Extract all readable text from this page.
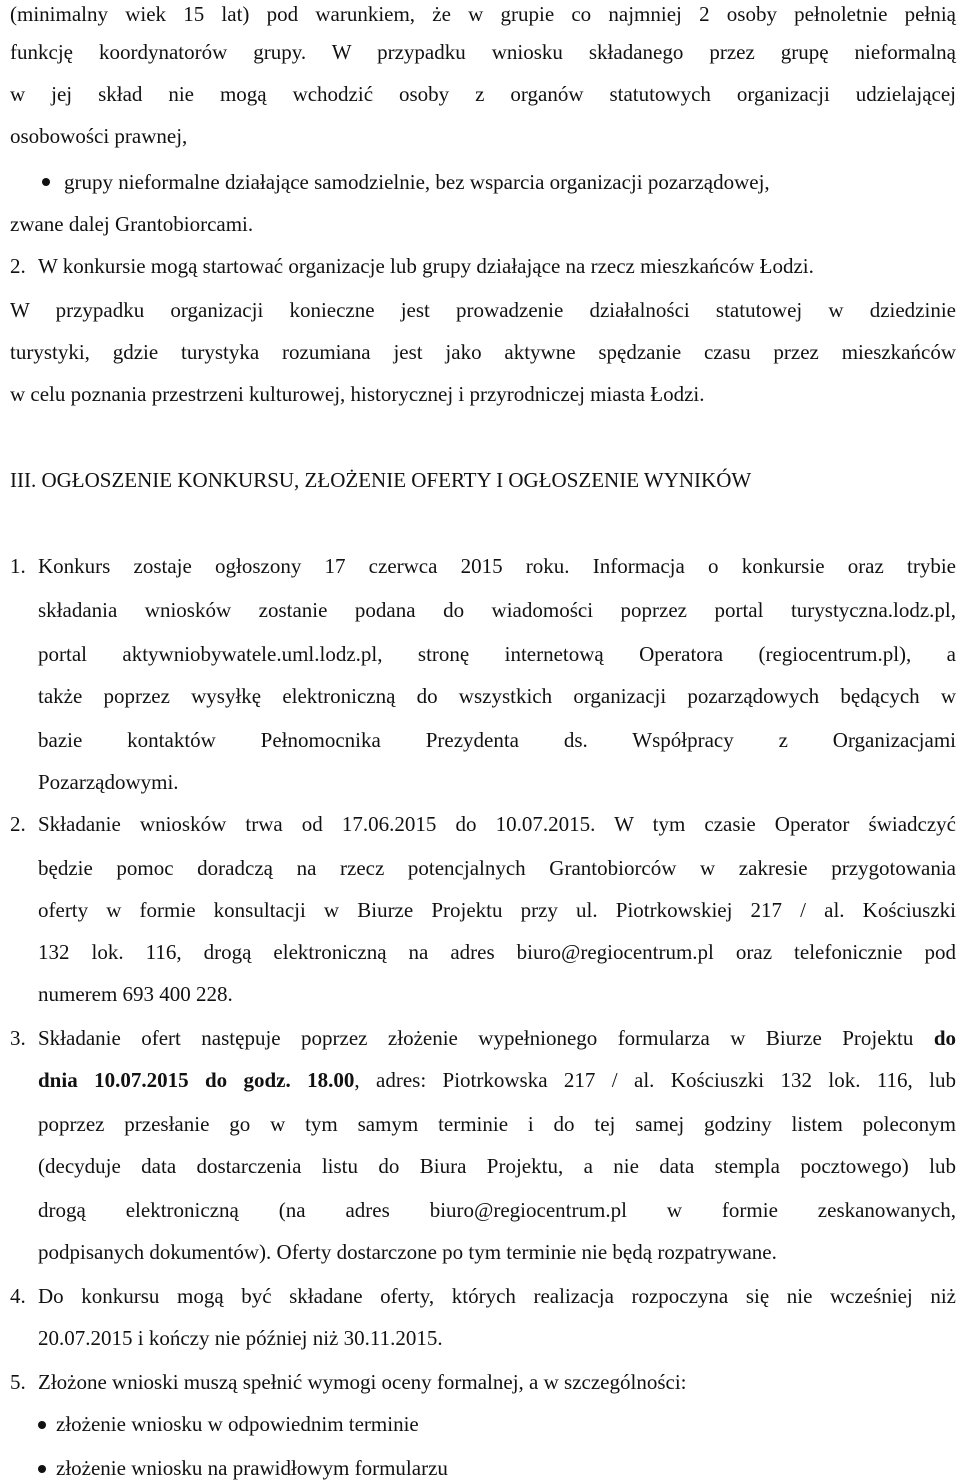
(minimalny wiek 15 lat) pod warunkiem, że w grupie co najmniej 2 osoby pełnoletnie pełnią
funkcję koordynatorów grupy. W przypadku wniosku składanego przez grupę nieformalną
w jej skład nie mogą wchodzić osoby z organów statutowych organizacji udzielającej
osobowości prawnej,
grupy nieformalne działające samodzielnie, bez wsparcia organizacji pozarządowej,
zwane dalej Grantobiorcami.
2. W konkursie mogą startować organizacje lub grupy działające na rzecz mieszkańców Łodzi.
W przypadku organizacji konieczne jest prowadzenie działalności statutowej w dziedzinie
turystyki, gdzie turystyka rozumiana jest jako aktywne spędzanie czasu przez mieszkańców
w celu poznania przestrzeni kulturowej, historycznej i przyrodniczej miasta Łodzi.
III. OGŁOSZENIE KONKURSU, ZŁOŻENIE OFERTY I OGŁOSZENIE WYNIKÓW
1. Konkurs zostaje ogłoszony 17 czerwca 2015 roku. Informacja o konkursie oraz trybie
składania wniosków zostanie podana do wiadomości poprzez portal turystyczna.lodz.pl,
portal aktywniobywatele.uml.lodz.pl, stronę internetową Operatora (regiocentrum.pl), a
także poprzez wysyłkę elektroniczną do wszystkich organizacji pozarządowych będących w
bazie kontaktów Pełnomocnika Prezydenta ds. Współpracy z Organizacjami
Pozarządowymi.
2. Składanie wniosków trwa od 17.06.2015 do 10.07.2015. W tym czasie Operator świadczyć
będzie pomoc doradczą na rzecz potencjalnych Grantobiorców w zakresie przygotowania
oferty w formie konsultacji w Biurze Projektu przy ul. Piotrkowskiej 217 / al. Kościuszki
132 lok. 116, drogą elektroniczną na adres biuro@regiocentrum.pl oraz telefonicznie pod
numerem 693 400 228.
3. Składanie ofert następuje poprzez złożenie wypełnionego formularza w Biurze Projektu do
dnia 10.07.2015 do godz. 18.00, adres: Piotrkowska 217 / al. Kościuszki 132 lok. 116, lub
poprzez przesłanie go w tym samym terminie i do tej samej godziny listem poleconym
(decyduje data dostarczenia listu do Biura Projektu, a nie data stempla pocztowego) lub
drogą elektroniczną (na adres biuro@regiocentrum.pl w formie zeskanowanych,
podpisanych dokumentów). Oferty dostarczone po tym terminie nie będą rozpatrywane.
4. Do konkursu mogą być składane oferty, których realizacja rozpoczyna się nie wcześniej niż
20.07.2015 i kończy nie później niż 30.11.2015.
5. Złożone wnioski muszą spełnić wymogi oceny formalnej, a w szczególności:
złożenie wniosku w odpowiednim terminie
złożenie wniosku na prawidłowym formularzu
